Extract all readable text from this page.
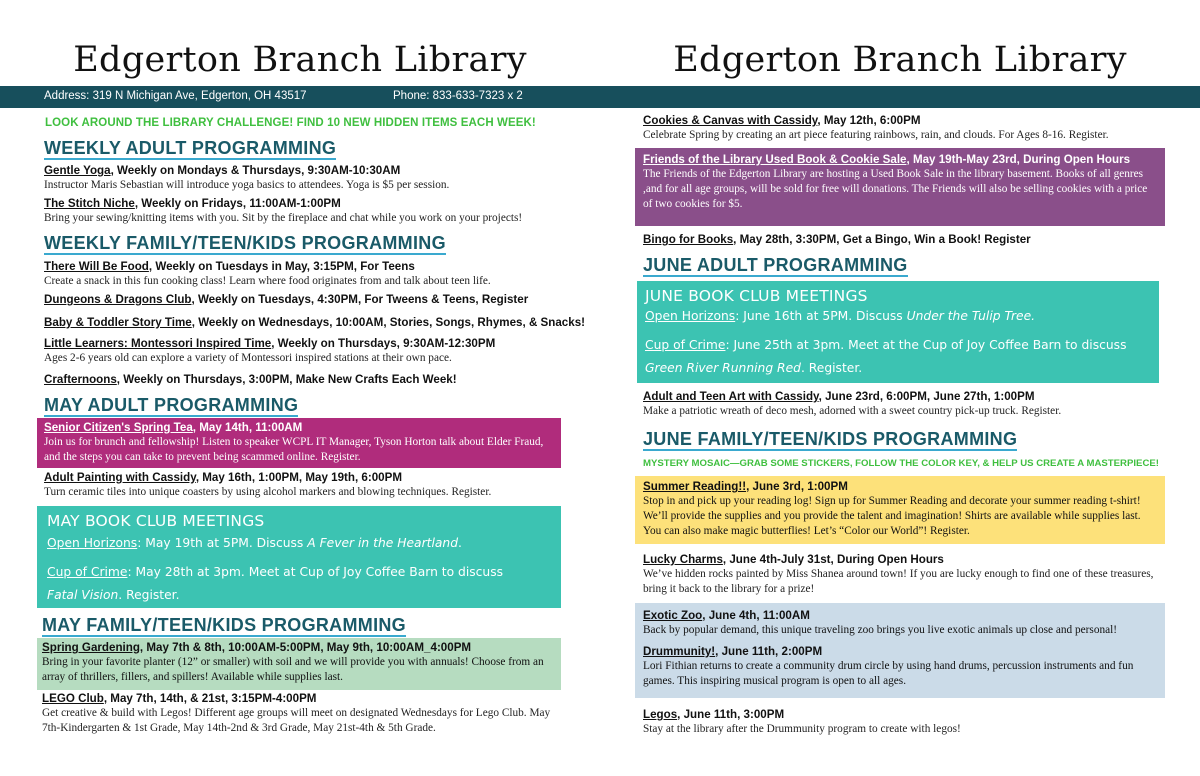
Edgerton Branch Library
Address: 319 N Michigan Ave, Edgerton, OH 43517	Phone: 833-633-7323 x 2
LOOK AROUND THE LIBRARY CHALLENGE! FIND 10 NEW HIDDEN ITEMS EACH WEEK!
WEEKLY ADULT PROGRAMMING

Gentle Yoga, Weekly on Mondays & Thursdays, 9:30AM-10:30AM

Instructor Maris Sebastian will introduce yoga basics to attendees. Yoga is $5 per session.

The Stitch Niche, Weekly on Fridays, 11:00AM-1:00PM

Bring your sewing/knitting items with you. Sit by the fireplace and chat while you work on your projects!

WEEKLY FAMILY/TEEN/KIDS PROGRAMMING

There Will Be Food, Weekly on Tuesdays in May, 3:15PM, For Teens

Create a snack in this fun cooking class! Learn where food originates from and talk about teen life.

Dungeons & Dragons Club, Weekly on Tuesdays, 4:30PM, For Tweens & Teens, Register

Baby & Toddler Story Time, Weekly on Wednesdays, 10:00AM, Stories, Songs, Rhymes, & Snacks!

Little Learners: Montessori Inspired Time, Weekly on Thursdays, 9:30AM-12:30PM

Ages 2-6 years old can explore a variety of Montessori inspired stations at their own pace.

Crafternoons, Weekly on Thursdays, 3:00PM, Make New Crafts Each Week!

MAY ADULT PROGRAMMING

Senior Citizen's Spring Tea, May 14th, 11:00AM

Join us for brunch and fellowship! Listen to speaker WCPL IT Manager, Tyson Horton talk about Elder Fraud, and the steps you can take to prevent being scammed online. Register.

Adult Painting with Cassidy, May 16th, 1:00PM, May 19th, 6:00PM

Turn ceramic tiles into unique coasters by using alcohol markers and blowing techniques. Register.

MAY BOOK CLUB MEETINGS

Open Horizons: May 19th at 5PM. Discuss A Fever in the Heartland.

Cup of Crime: May 28th at 3pm. Meet at Cup of Joy Coffee Barn to discuss
Fatal Vision. Register.

MAY FAMILY/TEEN/KIDS PROGRAMMING

Spring Gardening, May 7th & 8th, 10:00AM-5:00PM, May 9th, 10:00AM_4:00PM

Bring in your favorite planter (12” or smaller) with soil and we will provide you with annuals! Choose from an array of thrillers, fillers, and spillers! Available while supplies last.

LEGO Club, May 7th, 14th, & 21st, 3:15PM-4:00PM

Get creative & build with Legos! Different age groups will meet on designated Wednesdays for Lego Club. May 7th-Kindergarten & 1st Grade, May 14th-2nd & 3rd Grade, May 21st-4th & 5th Grade.

Edgerton Branch Library

Cookies & Canvas with Cassidy, May 12th, 6:00PM

Celebrate Spring by creating an art piece featuring rainbows, rain, and clouds. For Ages 8-16. Register.

Friends of the Library Used Book & Cookie Sale, May 19th-May 23rd, During Open Hours

The Friends of the Edgerton Library are hosting a Used Book Sale in the library basement. Books of all genres ,and for all age groups, will be sold for free will donations. The Friends will also be selling cookies with a price of two cookies for $5.

Bingo for Books, May 28th, 3:30PM, Get a Bingo, Win a Book! Register

JUNE ADULT PROGRAMMING
JUNE BOOK CLUB MEETINGS

Open Horizons: June 16th at 5PM. Discuss Under the Tulip Tree.

Cup of Crime: June 25th at 3pm. Meet at the Cup of Joy Coffee Barn to discuss
Green River Running Red. Register.

Adult and Teen Art with Cassidy, June 23rd, 6:00PM, June 27th, 1:00PM

Make a patriotic wreath of deco mesh, adorned with a sweet country pick-up truck. Register.

JUNE FAMILY/TEEN/KIDS PROGRAMMING
MYSTERY MOSAIC—GRAB SOME STICKERS, FOLLOW THE COLOR KEY, & HELP US CREATE A MASTERPIECE!

Summer Reading!!, June 3rd, 1:00PM

Stop in and pick up your reading log! Sign up for Summer Reading and decorate your summer reading t-shirt! We’ll provide the supplies and you provide the talent and imagination! Shirts are available while supplies last. You can also make magic butterflies! Let’s “Color our World”! Register.

Lucky Charms, June 4th-July 31st, During Open Hours

We’ve hidden rocks painted by Miss Shanea around town! If you are lucky enough to find one of these treasures, bring it back to the library for a prize!

Exotic Zoo, June 4th, 11:00AM

Back by popular demand, this unique traveling zoo brings you live exotic animals up close and personal!

Drummunity!, June 11th, 2:00PM

Lori Fithian returns to create a community drum circle by using hand drums, percussion instruments and fun games. This inspiring musical program is open to all ages.

Legos, June 11th, 3:00PM

Stay at the library after the Drummunity program to create with legos!
